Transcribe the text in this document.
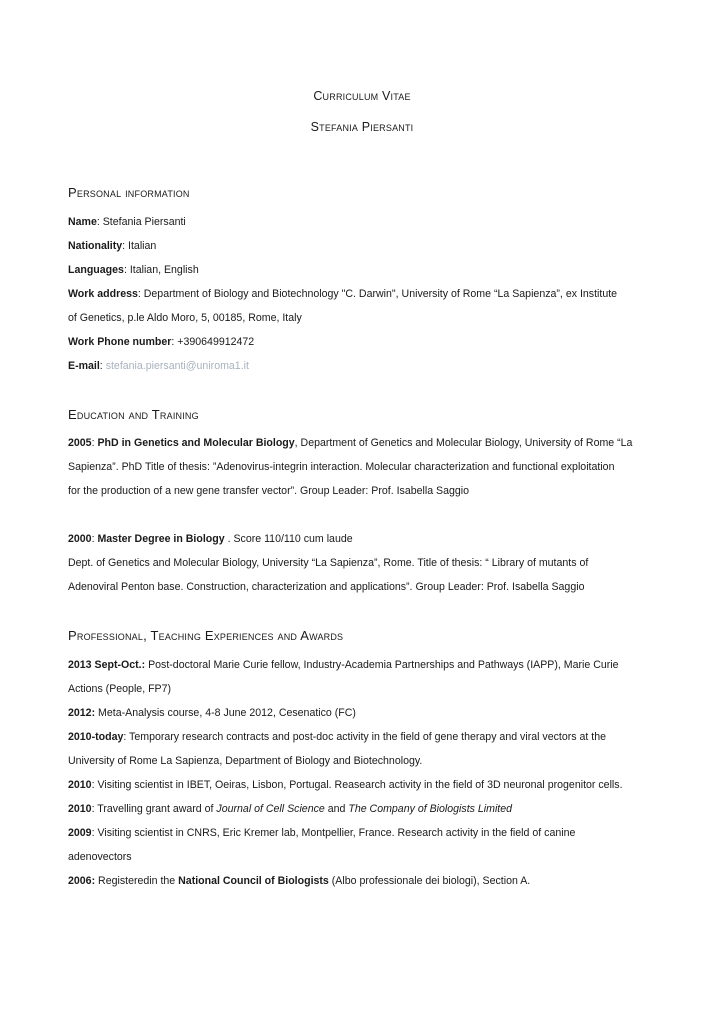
Curriculum Vitae
Stefania Piersanti
Personal information
Name: Stefania Piersanti
Nationality: Italian
Languages: Italian, English
Work address: Department of Biology and Biotechnology "C. Darwin", University of Rome “La Sapienza”, ex Institute
of Genetics, p.le Aldo Moro, 5, 00185, Rome, Italy
Work Phone number: +390649912472
E-mail: stefania.piersanti@uniroma1.it
Education and Training
2005: PhD in Genetics and Molecular Biology, Department of Genetics and Molecular Biology, University of Rome “La
Sapienza”. PhD Title of thesis: ”Adenovirus-integrin interaction. Molecular characterization and functional exploitation
for the production of a new gene transfer vector”. Group Leader: Prof. Isabella Saggio
2000: Master Degree in Biology . Score 110/110 cum laude
Dept. of Genetics and Molecular Biology, University “La Sapienza”, Rome. Title of thesis: “ Library of mutants of
Adenoviral Penton base. Construction, characterization and applications”. Group Leader: Prof. Isabella Saggio
Professional, Teaching Experiences and Awards
2013 Sept-Oct.: Post-doctoral Marie Curie fellow, Industry-Academia Partnerships and Pathways (IAPP), Marie Curie
Actions (People, FP7)
2012: Meta-Analysis course, 4-8 June 2012, Cesenatico (FC)
2010-today: Temporary research contracts and post-doc activity in the field of gene therapy and viral vectors at the
University of Rome La Sapienza, Department of Biology and Biotechnology.
2010: Visiting scientist in IBET, Oeiras, Lisbon, Portugal. Reasearch activity in the field of 3D neuronal progenitor cells.
2010: Travelling grant award of Journal of Cell Science and The Company of Biologists Limited
2009: Visiting scientist in CNRS, Eric Kremer lab, Montpellier, France. Research activity in the field of canine
adenovectors
2006: Registeredin the National Council of Biologists (Albo professionale dei biologi), Section A.
